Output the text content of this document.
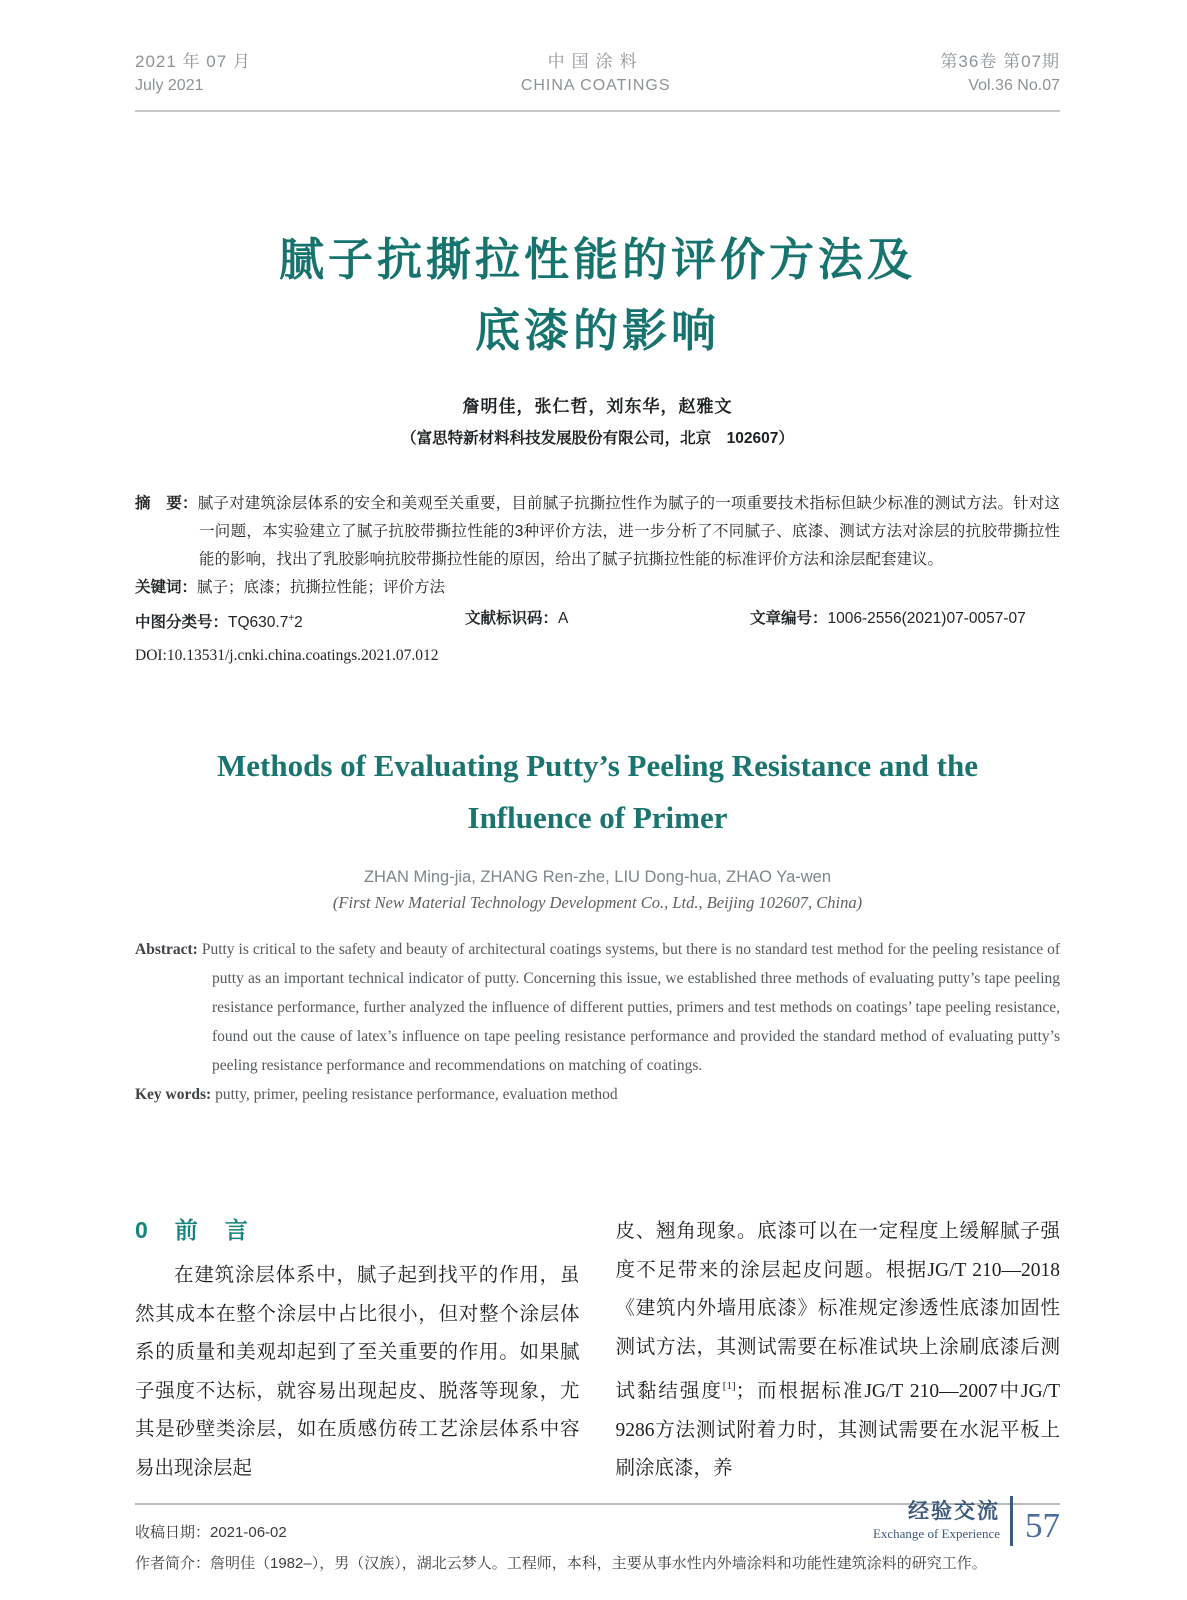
2021 年 07 月
July 2021
中国涂料
CHINA COATINGS
第36卷 第07期
Vol.36 No.07
腻子抗撕拉性能的评价方法及
底漆的影响
詹明佳，张仁哲，刘东华，赵雅文
（富思特新材料科技发展股份有限公司，北京　102607）
摘　要：腻子对建筑涂层体系的安全和美观至关重要，目前腻子抗撕拉性作为腻子的一项重要技术指标但缺少标准的测试方法。针对这一问题，本实验建立了腻子抗胶带撕拉性能的3种评价方法，进一步分析了不同腻子、底漆、测试方法对涂层的抗胶带撕拉性能的影响，找出了乳胶影响抗胶带撕拉性能的原因，给出了腻子抗撕拉性能的标准评价方法和涂层配套建议。
关键词：腻子；底漆；抗撕拉性能；评价方法
中图分类号：TQ630.7+2	文献标识码：A	文章编号：1006-2556(2021)07-0057-07
DOI:10.13531/j.cnki.china.coatings.2021.07.012
Methods of Evaluating Putty’s Peeling Resistance and the
Influence of Primer
ZHAN Ming-jia, ZHANG Ren-zhe, LIU Dong-hua, ZHAO Ya-wen
(First New Material Technology Development Co., Ltd., Beijing 102607, China)
Abstract: Putty is critical to the safety and beauty of architectural coatings systems, but there is no standard test method for the peeling resistance of putty as an important technical indicator of putty. Concerning this issue, we established three methods of evaluating putty’s tape peeling resistance performance, further analyzed the influence of different putties, primers and test methods on coatings’ tape peeling resistance, found out the cause of latex’s influence on tape peeling resistance performance and provided the standard method of evaluating putty’s peeling resistance performance and recommendations on matching of coatings.
Key words: putty, primer, peeling resistance performance, evaluation method
0　前　言
在建筑涂层体系中，腻子起到找平的作用，虽然其成本在整个涂层中占比很小，但对整个涂层体系的质量和美观却起到了至关重要的作用。如果腻子强度不达标，就容易出现起皮、脱落等现象，尤其是砂壁类涂层，如在质感仿砖工艺涂层体系中容易出现涂层起
皮、翘角现象。底漆可以在一定程度上缓解腻子强度不足带来的涂层起皮问题。根据JG/T 210—2018《建筑内外墙用底漆》标准规定渗透性底漆加固性测试方法，其测试需要在标准试块上涂刷底漆后测试黏结强度[1]；而根据标准JG/T 210—2007中JG/T 9286方法测试附着力时，其测试需要在水泥平板上刷涂底漆，养
收稿日期：2021-06-02
作者简介：詹明佳（1982–），男（汉族），湖北云梦人。工程师，本科，主要从事水性内外墙涂料和功能性建筑涂料的研究工作。
经验交流
Exchange of Experience 57
